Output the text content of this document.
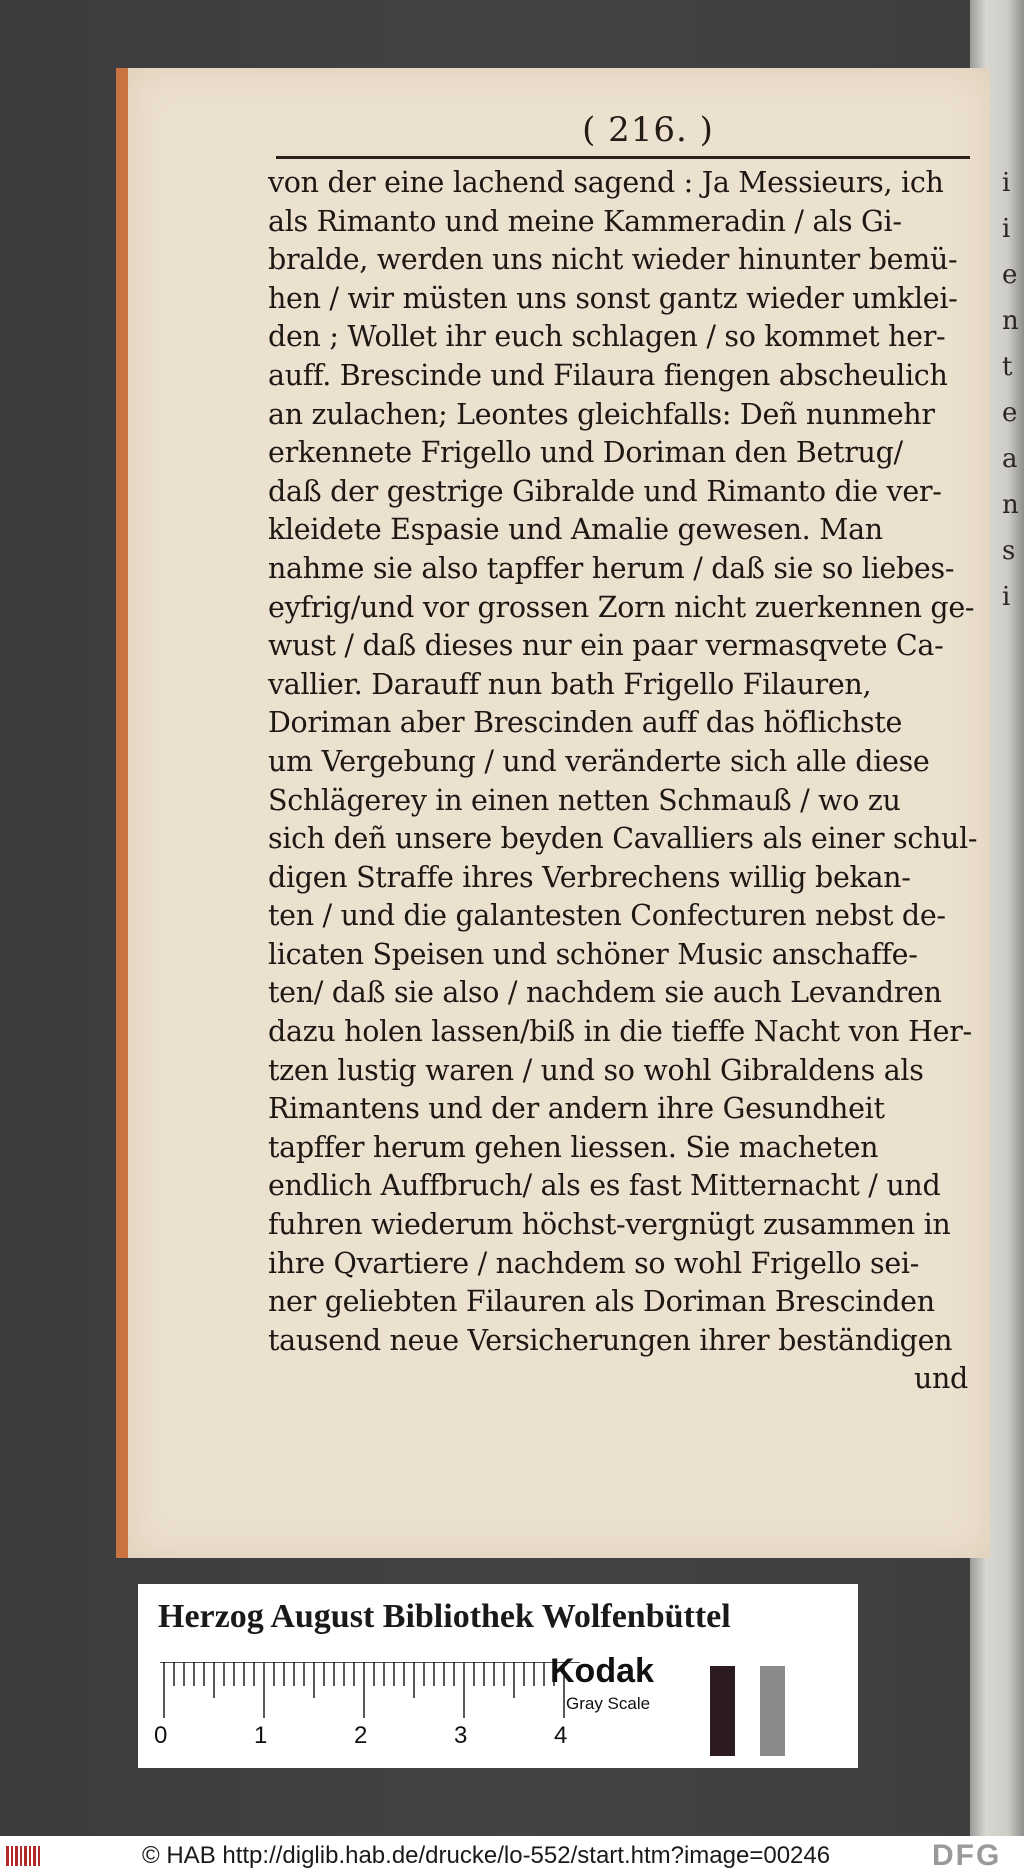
i
i
e
n
t
e
a
n
s
i
( 216. )
von der eine lachend sagend : Ja Messieurs, ich
als Rimanto und meine Kammeradin / als Gi-
bralde, werden uns nicht wieder hinunter bemü-
hen / wir müsten uns sonst gantz wieder umklei-
den ; Wollet ihr euch schlagen / so kommet her-
auff. Brescinde und Filaura fiengen abscheulich
an zulachen; Leontes gleichfalls: Deñ nunmehr
erkennete Frigello und Doriman den Betrug/
daß der gestrige Gibralde und Rimanto die ver-
kleidete Espasie und Amalie gewesen. Man
nahme sie also tapffer herum / daß sie so liebes-
eyfrig/und vor grossen Zorn nicht zuerkennen ge-
wust / daß dieses nur ein paar vermasqvete Ca-
vallier. Darauff nun bath Frigello Filauren,
Doriman aber Brescinden auff das höflichste
um Vergebung / und veränderte sich alle diese
Schlägerey in einen netten Schmauß / wo zu
sich deñ unsere beyden Cavalliers als einer schul-
digen Straffe ihres Verbrechens willig bekan-
ten / und die galantesten Confecturen nebst de-
licaten Speisen und schöner Music anschaffe-
ten/ daß sie also / nachdem sie auch Levandren
dazu holen lassen/biß in die tieffe Nacht von Her-
tzen lustig waren / und so wohl Gibraldens als
Rimantens und der andern ihre Gesundheit
tapffer herum gehen liessen. Sie macheten
endlich Auffbruch/ als es fast Mitternacht / und
fuhren wiederum höchst-vergnügt zusammen in
ihre Qvartiere / nachdem so wohl Frigello sei-
ner geliebten Filauren als Doriman Brescinden
tausend neue Versicherungen ihrer beständigen
und
Herzog August Bibliothek Wolfenbüttel
0	1	2	3	4
Kodak
Gray Scale
© HAB http://diglib.hab.de/drucke/lo-552/start.htm?image=00246	DFG
